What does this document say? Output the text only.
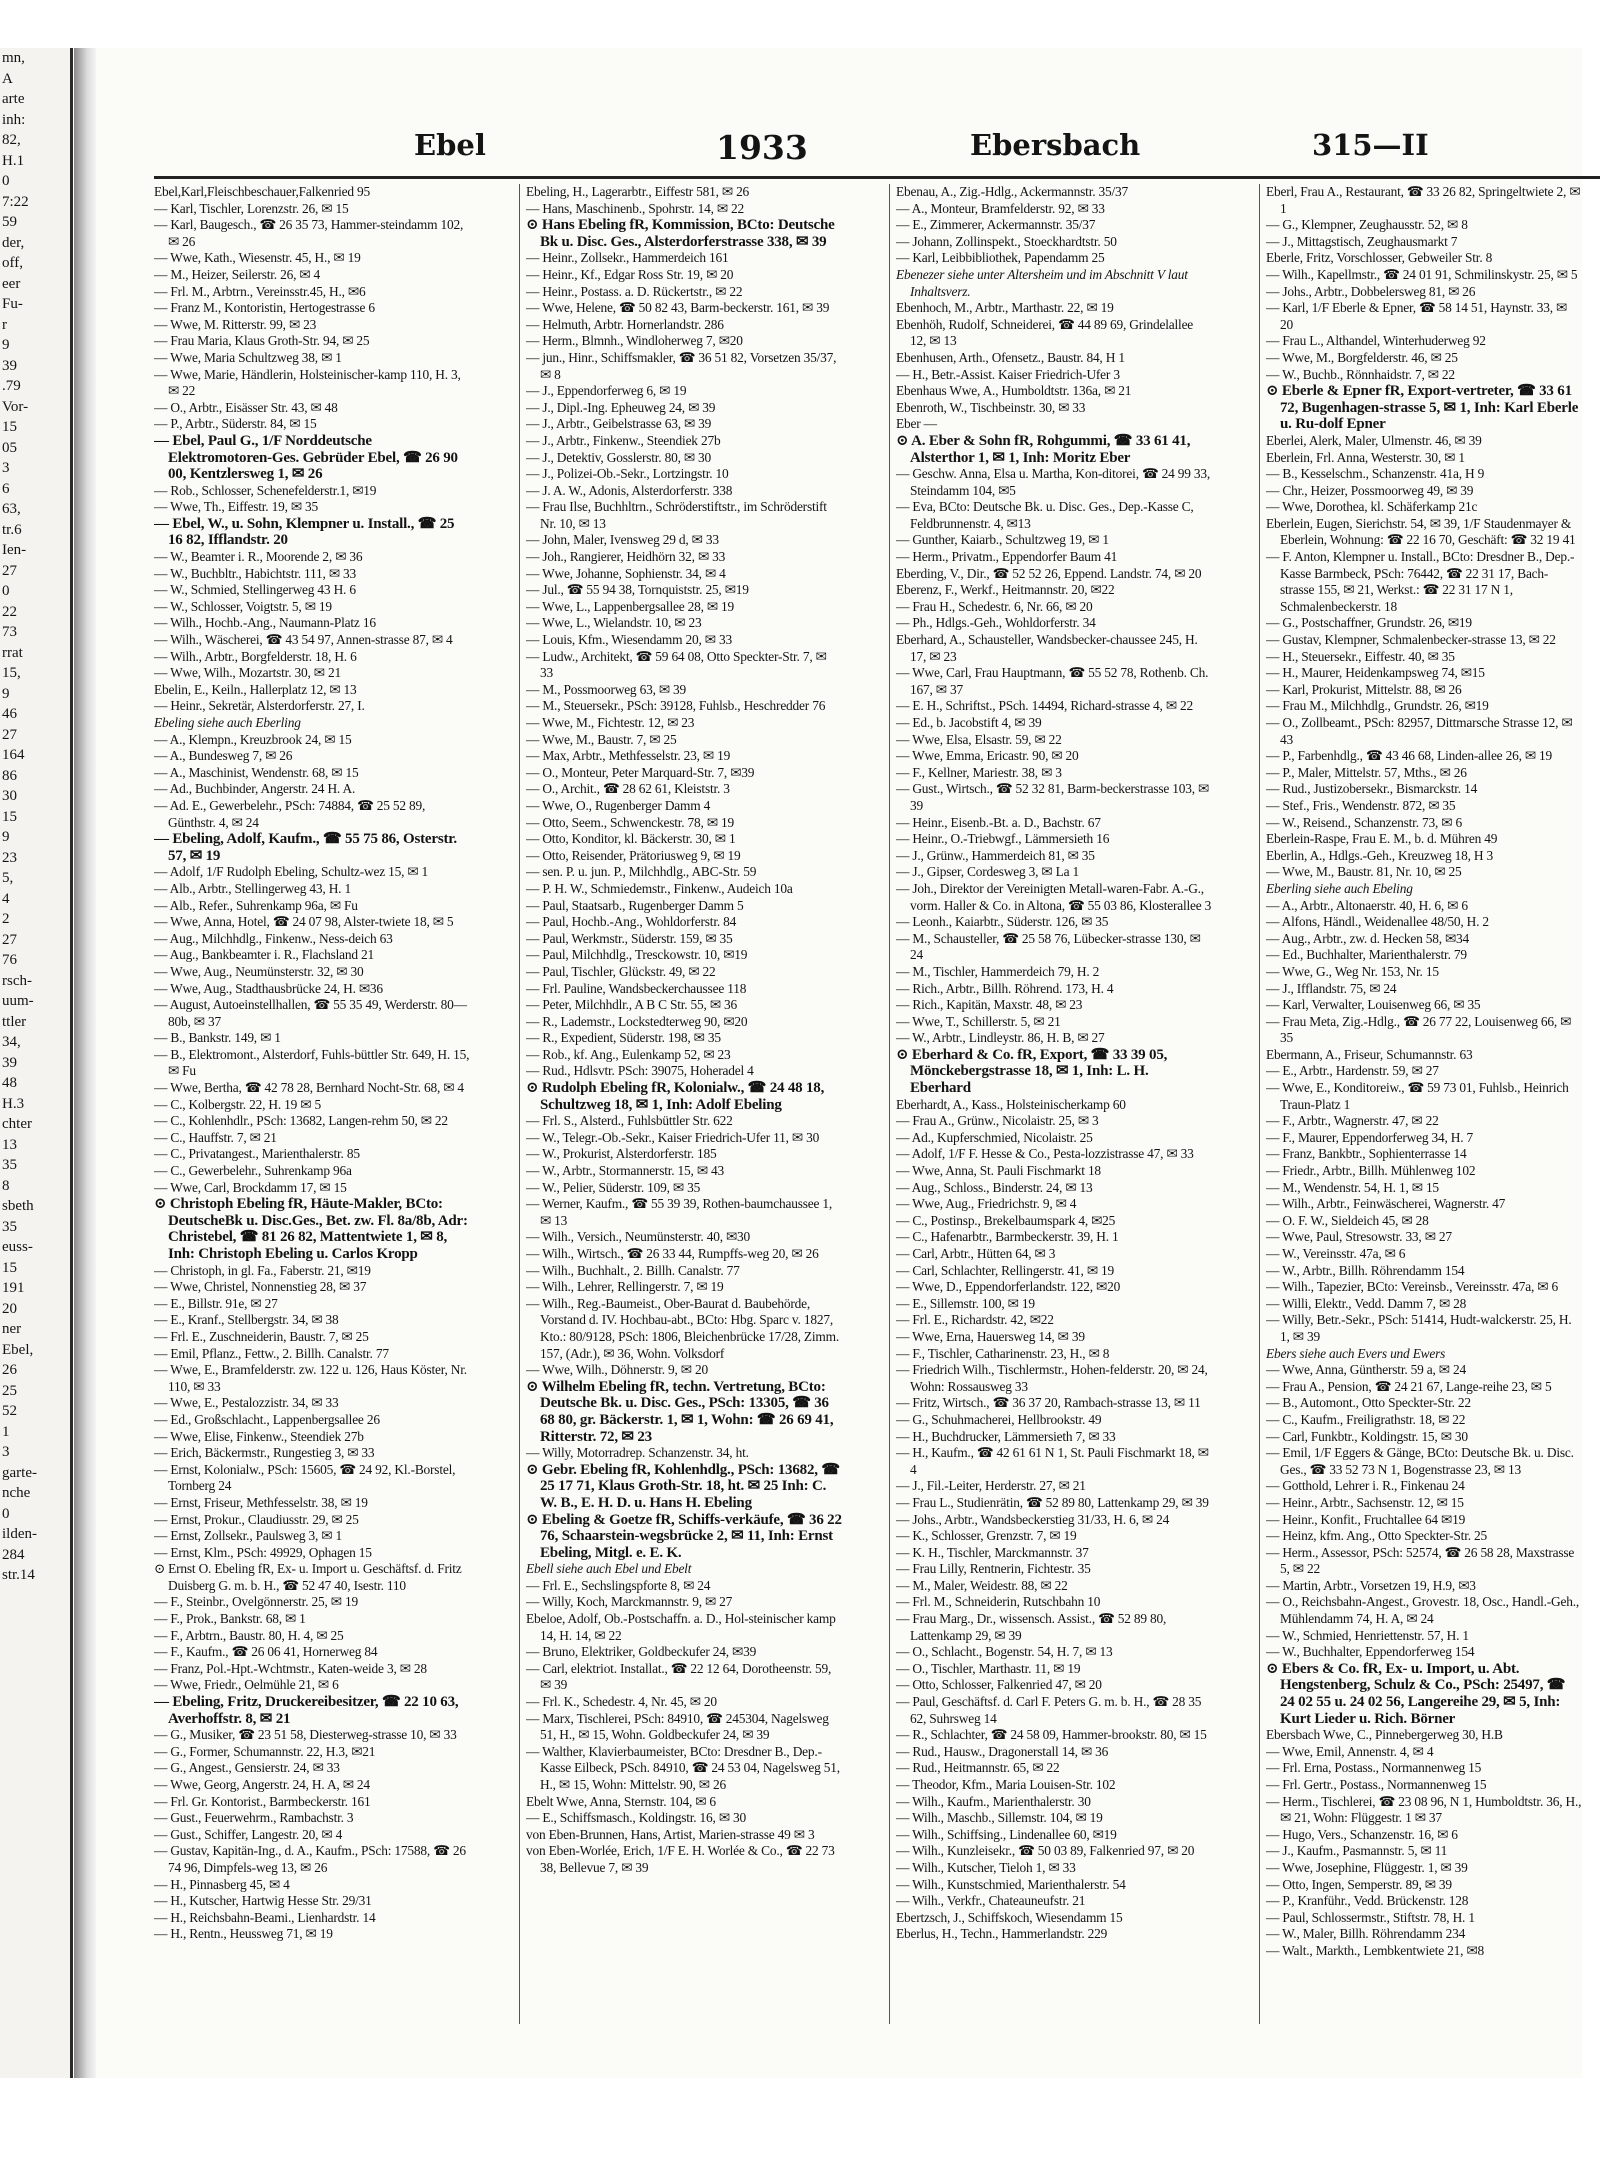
mn,
A
arte
inh:
82,
H.1
0
7:22
59
der,
off,
eer
Fu-
r
9
39
.79
Vor-
15
05
3
6
63,
tr.6
Ien-
27
0
22
73
rrat
15,
9
46
27
164
86
30
15
9
23
5,
4
2
27
76
rsch-
uum-
ttler
34,
39
48
H.3
chter
13
35
8
sbeth
35
euss-
15
191
20
ner
Ebel,
26
25
52
1
3
garte-
nche
0
ilden-
284
str.14
Ebel	1933	Ebersbach	315—II

Ebel,Karl,Fleischbeschauer,Falkenried 95

— Karl, Tischler, Lorenzstr. 26, ✉ 15

— Karl, Baugesch., ☎ 26 35 73, Hammer-steindamm 102, ✉ 26

— Wwe, Kath., Wiesenstr. 45, H., ✉ 19

— M., Heizer, Seilerstr. 26, ✉ 4

— Frl. M., Arbtrn., Vereinsstr.45, H., ✉6

— Franz M., Kontoristin, Hertogestrasse 6

— Wwe, M. Ritterstr. 99, ✉ 23

— Frau Maria, Klaus Groth-Str. 94, ✉ 25

— Wwe, Maria Schultzweg 38, ✉ 1

— Wwe, Marie, Händlerin, Holsteinischer-kamp 110, H. 3, ✉ 22

— O., Arbtr., Eisässer Str. 43, ✉ 48

— P., Arbtr., Süderstr. 84, ✉ 15

— Ebel, Paul G., 1/F Norddeutsche Elektromotoren-Ges. Gebrüder Ebel, ☎ 26 90 00, Kentzlersweg 1, ✉ 26

— Rob., Schlosser, Schenefelderstr.1, ✉19

— Wwe, Th., Eiffestr. 19, ✉ 35

— Ebel, W., u. Sohn, Klempner u. Install., ☎ 25 16 82, Ifflandstr. 20

— W., Beamter i. R., Moorende 2, ✉ 36

— W., Buchbltr., Habichtstr. 111, ✉ 33

— W., Schmied, Stellingerweg 43 H. 6

— W., Schlosser, Voigtstr. 5, ✉ 19

— Wilh., Hochb.-Ang., Naumann-Platz 16

— Wilh., Wäscherei, ☎ 43 54 97, Annen-strasse 87, ✉ 4

— Wilh., Arbtr., Borgfelderstr. 18, H. 6

— Wwe, Wilh., Mozartstr. 30, ✉ 21

Ebelin, E., Keiln., Hallerplatz 12, ✉ 13

— Heinr., Sekretär, Alsterdorferstr. 27, I.

Ebeling siehe auch Eberling

— A., Klempn., Kreuzbrook 24, ✉ 15

— A., Bundesweg 7, ✉ 26

— A., Maschinist, Wendenstr. 68, ✉ 15

— Ad., Buchbinder, Angerstr. 24 H. A.

— Ad. E., Gewerbelehr., PSch: 74884, ☎ 25 52 89, Günthstr. 4, ✉ 24

— Ebeling, Adolf, Kaufm., ☎ 55 75 86, Osterstr. 57, ✉ 19

— Adolf, 1/F Rudolph Ebeling, Schultz-wez 15, ✉ 1

— Alb., Arbtr., Stellingerweg 43, H. 1

— Alb., Refer., Suhrenkamp 96a, ✉ Fu

— Wwe, Anna, Hotel, ☎ 24 07 98, Alster-twiete 18, ✉ 5

— Aug., Milchhdlg., Finkenw., Ness-deich 63

— Aug., Bankbeamter i. R., Flachsland 21

— Wwe, Aug., Neumünsterstr. 32, ✉ 30

— Wwe, Aug., Stadthausbrücke 24, H. ✉36

— August, Autoeinstellhallen, ☎ 55 35 49, Werderstr. 80—80b, ✉ 37

— B., Bankstr. 149, ✉ 1

— B., Elektromont., Alsterdorf, Fuhls-büttler Str. 649, H. 15, ✉ Fu

— Wwe, Bertha, ☎ 42 78 28, Bernhard Nocht-Str. 68, ✉ 4

— C., Kolbergstr. 22, H. 19 ✉ 5

— C., Kohlenhdlr., PSch: 13682, Langen-rehm 50, ✉ 22

— C., Hauffstr. 7, ✉ 21

— C., Privatangest., Marienthalerstr. 85

— C., Gewerbelehr., Suhrenkamp 96a

— Wwe, Carl, Brockdamm 17, ✉ 15

⊙ Christoph Ebeling fR, Häute-Makler, BCto: DeutscheBk u. Disc.Ges., Bet. zw. Fl. 8a/8b, Adr: Christebel, ☎ 81 26 82, Mattentwiete 1, ✉ 8, Inh: Christoph Ebeling u. Carlos Kropp

— Christoph, in gl. Fa., Faberstr. 21, ✉19

— Wwe, Christel, Nonnenstieg 28, ✉ 37

— E., Billstr. 91e, ✉ 27

— E., Kranf., Stellbergstr. 34, ✉ 38

— Frl. E., Zuschneiderin, Baustr. 7, ✉ 25

— Emil, Pflanz., Fettw., 2. Billh. Canalstr. 77

— Wwe, E., Bramfelderstr. zw. 122 u. 126, Haus Köster, Nr. 110, ✉ 33

— Wwe, E., Pestalozzistr. 34, ✉ 33

— Ed., Großschlacht., Lappenbergsallee 26

— Wwe, Elise, Finkenw., Steendiek 27b

— Erich, Bäckermstr., Rungestieg 3, ✉ 33

— Ernst, Kolonialw., PSch: 15605, ☎ 24 92, Kl.-Borstel, Tornberg 24

— Ernst, Friseur, Methfesselstr. 38, ✉ 19

— Ernst, Prokur., Claudiusstr. 29, ✉ 25

— Ernst, Zollsekr., Paulsweg 3, ✉ 1

— Ernst, Klm., PSch: 49929, Ophagen 15

⊙ Ernst O. Ebeling fR, Ex- u. Import u. Geschäftsf. d. Fritz Duisberg G. m. b. H., ☎ 52 47 40, Isestr. 110

— F., Steinbr., Ovelgönnerstr. 25, ✉ 19

— F., Prok., Bankstr. 68, ✉ 1

— F., Arbtrn., Baustr. 80, H. 4, ✉ 25

— F., Kaufm., ☎ 26 06 41, Hornerweg 84

— Franz, Pol.-Hpt.-Wchtmstr., Katen-weide 3, ✉ 28

— Wwe, Friedr., Oelmühle 21, ✉ 6

— Ebeling, Fritz, Druckereibesitzer, ☎ 22 10 63, Averhoffstr. 8, ✉ 21

— G., Musiker, ☎ 23 51 58, Diesterweg-strasse 10, ✉ 33

— G., Former, Schumannstr. 22, H.3, ✉21

— G., Angest., Gensierstr. 24, ✉ 33

— Wwe, Georg, Angerstr. 24, H. A, ✉ 24

— Frl. Gr. Kontorist., Barmbeckerstr. 161

— Gust., Feuerwehrm., Rambachstr. 3

— Gust., Schiffer, Langestr. 20, ✉ 4

— Gustav, Kapitän-Ing., d. A., Kaufm., PSch: 17588, ☎ 26 74 96, Dimpfels-weg 13, ✉ 26

— H., Pinnasberg 45, ✉ 4

— H., Kutscher, Hartwig Hesse Str. 29/31

— H., Reichsbahn-Beami., Lienhardstr. 14

— H., Rentn., Heussweg 71, ✉ 19

Ebeling, H., Lagerarbtr., Eiffestr 581, ✉ 26

— Hans, Maschinenb., Spohrstr. 14, ✉ 22

⊙ Hans Ebeling fR, Kommission, BCto: Deutsche Bk u. Disc. Ges., Alsterdorferstrasse 338, ✉ 39

— Heinr., Zollsekr., Hammerdeich 161

— Heinr., Kf., Edgar Ross Str. 19, ✉ 20

— Heinr., Postass. a. D. Rückertstr., ✉ 22

— Wwe, Helene, ☎ 50 82 43, Barm-beckerstr. 161, ✉ 39

— Helmuth, Arbtr. Hornerlandstr. 286

— Herm., Blmnh., Windloherweg 7, ✉20

— jun., Hinr., Schiffsmakler, ☎ 36 51 82, Vorsetzen 35/37, ✉ 8

— J., Eppendorferweg 6, ✉ 19

— J., Dipl.-Ing. Epheuweg 24, ✉ 39

— J., Arbtr., Geibelstrasse 63, ✉ 39

— J., Arbtr., Finkenw., Steendiek 27b

— J., Detektiv, Gosslerstr. 80, ✉ 30

— J., Polizei-Ob.-Sekr., Lortzingstr. 10

— J. A. W., Adonis, Alsterdorferstr. 338

— Frau Ilse, Buchhltrn., Schröderstiftstr., im Schröderstift Nr. 10, ✉ 13

— John, Maler, Ivensweg 29 d, ✉ 33

— Joh., Rangierer, Heidhörn 32, ✉ 33

— Wwe, Johanne, Sophienstr. 34, ✉ 4

— Jul., ☎ 55 94 38, Tornquiststr. 25, ✉19

— Wwe, L., Lappenbergsallee 28, ✉ 19

— Wwe, L., Wielandstr. 10, ✉ 23

— Louis, Kfm., Wiesendamm 20, ✉ 33

— Ludw., Architekt, ☎ 59 64 08, Otto Speckter-Str. 7, ✉ 33

— M., Possmoorweg 63, ✉ 39

— M., Steuersekr., PSch: 39128, Fuhlsb., Heschredder 76

— Wwe, M., Fichtestr. 12, ✉ 23

— Wwe, M., Baustr. 7, ✉ 25

— Max, Arbtr., Methfesselstr. 23, ✉ 19

— O., Monteur, Peter Marquard-Str. 7, ✉39

— O., Archit., ☎ 28 62 61, Kleiststr. 3

— Wwe, O., Rugenberger Damm 4

— Otto, Seem., Schwenckestr. 78, ✉ 19

— Otto, Konditor, kl. Bäckerstr. 30, ✉ 1

— Otto, Reisender, Prätoriusweg 9, ✉ 19

— sen. P. u. jun. P., Milchhdlg., ABC-Str. 59

— P. H. W., Schmiedemstr., Finkenw., Audeich 10a

— Paul, Staatsarb., Rugenberger Damm 5

— Paul, Hochb.-Ang., Wohldorferstr. 84

— Paul, Werkmstr., Süderstr. 159, ✉ 35

— Paul, Milchhdlg., Tresckowstr. 10, ✉19

— Paul, Tischler, Glückstr. 49, ✉ 22

— Frl. Pauline, Wandsbeckerchaussee 118

— Peter, Milchhdlr., A B C Str. 55, ✉ 36

— R., Lademstr., Lockstedterweg 90, ✉20

— R., Expedient, Süderstr. 198, ✉ 35

— Rob., kf. Ang., Eulenkamp 52, ✉ 23

— Rud., Hdlsvtr. PSch: 39075, Hoheradel 4

⊙ Rudolph Ebeling fR, Kolonialw., ☎ 24 48 18, Schultzweg 18, ✉ 1, Inh: Adolf Ebeling

— Frl. S., Alsterd., Fuhlsbüttler Str. 622

— W., Telegr.-Ob.-Sekr., Kaiser Friedrich-Ufer 11, ✉ 30

— W., Prokurist, Alsterdorferstr. 185

— W., Arbtr., Stormannerstr. 15, ✉ 43

— W., Pelier, Süderstr. 109, ✉ 35

— Werner, Kaufm., ☎ 55 39 39, Rothen-baumchaussee 1, ✉ 13

— Wilh., Versich., Neumünsterstr. 40, ✉30

— Wilh., Wirtsch., ☎ 26 33 44, Rumpffs-weg 20, ✉ 26

— Wilh., Buchhalt., 2. Billh. Canalstr. 77

— Wilh., Lehrer, Rellingerstr. 7, ✉ 19

— Wilh., Reg.-Baumeist., Ober-Baurat d. Baubehörde, Vorstand d. IV. Hochbau-abt., BCto: Hbg. Sparc v. 1827, Kto.: 80/9128, PSch: 1806, Bleichenbrücke 17/28, Zimm. 157, (Adr.), ✉ 36, Wohn. Volksdorf

— Wwe, Wilh., Döhnerstr. 9, ✉ 20

⊙ Wilhelm Ebeling fR, techn. Vertretung, BCto: Deutsche Bk. u. Disc. Ges., PSch: 13305, ☎ 36 68 80, gr. Bäckerstr. 1, ✉ 1, Wohn: ☎ 26 69 41, Ritterstr. 72, ✉ 23

— Willy, Motorradrep. Schanzenstr. 34, ht.

⊙ Gebr. Ebeling fR, Kohlenhdlg., PSch: 13682, ☎ 25 17 71, Klaus Groth-Str. 18, ht. ✉ 25 Inh: C. W. B., E. H. D. u. Hans H. Ebeling

⊙ Ebeling & Goetze fR, Schiffs-verkäufe, ☎ 36 22 76, Schaarstein-wegsbrücke 2, ✉ 11, Inh: Ernst Ebeling, Mitgl. e. E. K.

Ebell siehe auch Ebel und Ebelt

— Frl. E., Sechslingspforte 8, ✉ 24

— Willy, Koch, Marckmannstr. 9, ✉ 27

Ebeloe, Adolf, Ob.-Postschaffn. a. D., Hol-steinischer kamp 14, H. 14, ✉ 22

— Bruno, Elektriker, Goldbeckufer 24, ✉39

— Carl, elektriot. Installat., ☎ 22 12 64, Dorotheenstr. 59, ✉ 39

— Frl. K., Schedestr. 4, Nr. 45, ✉ 20

— Marx, Tischlerei, PSch: 84910, ☎ 245304, Nagelsweg 51, H., ✉ 15, Wohn. Goldbeckufer 24, ✉ 39

— Walther, Klavierbaumeister, BCto: Dresdner B., Dep.-Kasse Eilbeck, PSch. 84910, ☎ 24 53 04, Nagelsweg 51, H., ✉ 15, Wohn: Mittelstr. 90, ✉ 26

Ebelt Wwe, Anna, Sternstr. 104, ✉ 6

— E., Schiffsmasch., Koldingstr. 16, ✉ 30

von Eben-Brunnen, Hans, Artist, Marien-strasse 49 ✉ 3

von Eben-Worlée, Erich, 1/F E. H. Worlée & Co., ☎ 22 73 38, Bellevue 7, ✉ 39

Ebenau, A., Zig.-Hdlg., Ackermannstr. 35/37

— A., Monteur, Bramfelderstr. 92, ✉ 33

— E., Zimmerer, Ackermannstr. 35/37

— Johann, Zollinspekt., Stoeckhardtstr. 50

— Karl, Leibbibliothek, Papendamm 25

Ebenezer siehe unter Altersheim und im Abschnitt V laut Inhaltsverz.

Ebenhoch, M., Arbtr., Marthastr. 22, ✉ 19

Ebenhöh, Rudolf, Schneiderei, ☎ 44 89 69, Grindelallee 12, ✉ 13

Ebenhusen, Arth., Ofensetz., Baustr. 84, H 1

— H., Betr.-Assist. Kaiser Friedrich-Ufer 3

Ebenhaus Wwe, A., Humboldtstr. 136a, ✉ 21

Ebenroth, W., Tischbeinstr. 30, ✉ 33

Eber —

⊙ A. Eber & Sohn fR, Rohgummi, ☎ 33 61 41, Alsterthor 1, ✉ 1, Inh: Moritz Eber

— Geschw. Anna, Elsa u. Martha, Kon-ditorei, ☎ 24 99 33, Steindamm 104, ✉5

— Eva, BCto: Deutsche Bk. u. Disc. Ges., Dep.-Kasse C, Feldbrunnenstr. 4, ✉13

— Gunther, Kaiarb., Schultzweg 19, ✉ 1

— Herm., Privatm., Eppendorfer Baum 41

Eberding, V., Dir., ☎ 52 52 26, Eppend. Landstr. 74, ✉ 20

Eberenz, F., Werkf., Heitmannstr. 20, ✉22

— Frau H., Schedestr. 6, Nr. 66, ✉ 20

— Ph., Hdlgs.-Geh., Wohldorferstr. 34

Eberhard, A., Schausteller, Wandsbecker-chaussee 245, H. 17, ✉ 23

— Wwe, Carl, Frau Hauptmann, ☎ 55 52 78, Rothenb. Ch. 167, ✉ 37

— E. H., Schriftst., PSch. 14494, Richard-strasse 4, ✉ 22

— Ed., b. Jacobstift 4, ✉ 39

— Wwe, Elsa, Elsastr. 59, ✉ 22

— Wwe, Emma, Ericastr. 90, ✉ 20

— F., Kellner, Mariestr. 38, ✉ 3

— Gust., Wirtsch., ☎ 52 32 81, Barm-beckerstrasse 103, ✉ 39

— Heinr., Eisenb.-Bt. a. D., Bachstr. 67

— Heinr., O.-Triebwgf., Lämmersieth 16

— J., Grünw., Hammerdeich 81, ✉ 35

— J., Gipser, Cordesweg 3, ✉ La 1

— Joh., Direktor der Vereinigten Metall-waren-Fabr. A.-G., vorm. Haller & Co. in Altona, ☎ 55 03 86, Klosterallee 3

— Leonh., Kaiarbtr., Süderstr. 126, ✉ 35

— M., Schausteller, ☎ 25 58 76, Lübecker-strasse 130, ✉ 24

— M., Tischler, Hammerdeich 79, H. 2

— Rich., Arbtr., Billh. Röhrend. 173, H. 4

— Rich., Kapitän, Maxstr. 48, ✉ 23

— Wwe, T., Schillerstr. 5, ✉ 21

— W., Arbtr., Lindleystr. 86, H. B, ✉ 27

⊙ Eberhard & Co. fR, Export, ☎ 33 39 05, Mönckebergstrasse 18, ✉ 1, Inh: L. H. Eberhard

Eberhardt, A., Kass., Holsteinischerkamp 60

— Frau A., Grünw., Nicolaistr. 25, ✉ 3

— Ad., Kupferschmied, Nicolaistr. 25

— Adolf, 1/F F. Hesse & Co., Pesta-lozzistrasse 47, ✉ 33

— Wwe, Anna, St. Pauli Fischmarkt 18

— Aug., Schloss., Binderstr. 24, ✉ 13

— Wwe, Aug., Friedrichstr. 9, ✉ 4

— C., Postinsp., Brekelbaumspark 4, ✉25

— C., Hafenarbtr., Barmbeckerstr. 39, H. 1

— Carl, Arbtr., Hütten 64, ✉ 3

— Carl, Schlachter, Rellingerstr. 41, ✉ 19

— Wwe, D., Eppendorferlandstr. 122, ✉20

— E., Sillemstr. 100, ✉ 19

— Frl. E., Richardstr. 42, ✉22

— Wwe, Erna, Hauersweg 14, ✉ 39

— F., Tischler, Catharinenstr. 23, H., ✉ 8

— Friedrich Wilh., Tischlermstr., Hohen-felderstr. 20, ✉ 24, Wohn: Rossausweg 33

— Fritz, Wirtsch., ☎ 36 37 20, Rambach-strasse 13, ✉ 11

— G., Schuhmacherei, Hellbrookstr. 49

— H., Buchdrucker, Lämmersieth 7, ✉ 33

— H., Kaufm., ☎ 42 61 61 N 1, St. Pauli Fischmarkt 18, ✉ 4

— J., Fil.-Leiter, Herderstr. 27, ✉ 21

— Frau L., Studienrätin, ☎ 52 89 80, Lattenkamp 29, ✉ 39

— Johs., Arbtr., Wandsbeckerstieg 31/33, H. 6, ✉ 24

— K., Schlosser, Grenzstr. 7, ✉ 19

— K. H., Tischler, Marckmannstr. 37

— Frau Lilly, Rentnerin, Fichtestr. 35

— M., Maler, Weidestr. 88, ✉ 22

— Frl. M., Schneiderin, Rutschbahn 10

— Frau Marg., Dr., wissensch. Assist., ☎ 52 89 80, Lattenkamp 29, ✉ 39

— O., Schlacht., Bogenstr. 54, H. 7, ✉ 13

— O., Tischler, Marthastr. 11, ✉ 19

— Otto, Schlosser, Falkenried 47, ✉ 20

— Paul, Geschäftsf. d. Carl F. Peters G. m. b. H., ☎ 28 35 62, Suhrsweg 14

— R., Schlachter, ☎ 24 58 09, Hammer-brookstr. 80, ✉ 15

— Rud., Hausw., Dragonerstall 14, ✉ 36

— Rud., Heitmannstr. 65, ✉ 22

— Theodor, Kfm., Maria Louisen-Str. 102

— Wilh., Kaufm., Marienthalerstr. 30

— Wilh., Maschb., Sillemstr. 104, ✉ 19

— Wilh., Schiffsing., Lindenallee 60, ✉19

— Wilh., Kunzleisekr., ☎ 50 03 89, Falkenried 97, ✉ 20

— Wilh., Kutscher, Tieloh 1, ✉ 33

— Wilh., Kunstschmied, Marienthalerstr. 54

— Wilh., Verkfr., Chateauneufstr. 21

Ebertzsch, J., Schiffskoch, Wiesendamm 15

Eberlus, H., Techn., Hammerlandstr. 229

Eberl, Frau A., Restaurant, ☎ 33 26 82, Springeltwiete 2, ✉ 1

— G., Klempner, Zeughausstr. 52, ✉ 8

— J., Mittagstisch, Zeughausmarkt 7

Eberle, Fritz, Vorschlosser, Gebweiler Str. 8

— Wilh., Kapellmstr., ☎ 24 01 91, Schmilinskystr. 25, ✉ 5

— Johs., Arbtr., Dobbelersweg 81, ✉ 26

— Karl, 1/F Eberle & Epner, ☎ 58 14 51, Haynstr. 33, ✉ 20

— Frau L., Althandel, Winterhuderweg 92

— Wwe, M., Borgfelderstr. 46, ✉ 25

— W., Buchb., Rönnhaidstr. 7, ✉ 22

⊙ Eberle & Epner fR, Export-vertreter, ☎ 33 61 72, Bugenhagen-strasse 5, ✉ 1, Inh: Karl Eberle u. Ru-dolf Epner

Eberlei, Alerk, Maler, Ulmenstr. 46, ✉ 39

Eberlein, Frl. Anna, Westerstr. 30, ✉ 1

— B., Kesselschm., Schanzenstr. 41a, H 9

— Chr., Heizer, Possmoorweg 49, ✉ 39

— Wwe, Dorothea, kl. Schäferkamp 21c

Eberlein, Eugen, Sierichstr. 54, ✉ 39, 1/F Staudenmayer & Eberlein, Wohnung: ☎ 22 16 70, Geschäft: ☎ 32 19 41

— F. Anton, Klempner u. Install., BCto: Dresdner B., Dep.-Kasse Barmbeck, PSch: 76442, ☎ 22 31 17, Bach-strasse 155, ✉ 21, Werkst.: ☎ 22 31 17 N 1, Schmalenbeckerstr. 18

— G., Postschaffner, Grundstr. 26, ✉19

— Gustav, Klempner, Schmalenbecker-strasse 13, ✉ 22

— H., Steuersekr., Eiffestr. 40, ✉ 35

— H., Maurer, Heidenkampsweg 74, ✉15

— Karl, Prokurist, Mittelstr. 88, ✉ 26

— Frau M., Milchhdlg., Grundstr. 26, ✉19

— O., Zollbeamt., PSch: 82957, Dittmarsche Strasse 12, ✉ 43

— P., Farbenhdlg., ☎ 43 46 68, Linden-allee 26, ✉ 19

— P., Maler, Mittelstr. 57, Mths., ✉ 26

— Rud., Justizobersekr., Bismarckstr. 14

— Stef., Fris., Wendenstr. 872, ✉ 35

— W., Reisend., Schanzenstr. 73, ✉ 6

Eberlein-Raspe, Frau E. M., b. d. Mühren 49

Eberlin, A., Hdlgs.-Geh., Kreuzweg 18, H 3

— Wwe, M., Baustr. 81, Nr. 10, ✉ 25

Eberling siehe auch Ebeling

— A., Arbtr., Altonaerstr. 40, H. 6, ✉ 6

— Alfons, Händl., Weidenallee 48/50, H. 2

— Aug., Arbtr., zw. d. Hecken 58, ✉34

— Ed., Buchhalter, Marienthalerstr. 79

— Wwe, G., Weg Nr. 153, Nr. 15

— J., Ifflandstr. 75, ✉ 24

— Karl, Verwalter, Louisenweg 66, ✉ 35

— Frau Meta, Zig.-Hdlg., ☎ 26 77 22, Louisenweg 66, ✉ 35

Ebermann, A., Friseur, Schumannstr. 63

— E., Arbtr., Hardenstr. 59, ✉ 27

— Wwe, E., Konditoreiw., ☎ 59 73 01, Fuhlsb., Heinrich Traun-Platz 1

— F., Arbtr., Wagnerstr. 47, ✉ 22

— F., Maurer, Eppendorferweg 34, H. 7

— Franz, Bankbtr., Sophienterrasse 14

— Friedr., Arbtr., Billh. Mühlenweg 102

— M., Wendenstr. 54, H. 1, ✉ 15

— Wilh., Arbtr., Feinwäscherei, Wagnerstr. 47

— O. F. W., Sieldeich 45, ✉ 28

— Wwe, Paul, Stresowstr. 33, ✉ 27

— W., Vereinsstr. 47a, ✉ 6

— W., Arbtr., Billh. Röhrendamm 154

— Wilh., Tapezier, BCto: Vereinsb., Vereinsstr. 47a, ✉ 6

— Willi, Elektr., Vedd. Damm 7, ✉ 28

— Willy, Betr.-Sekr., PSch: 51414, Hudt-walckerstr. 25, H. 1, ✉ 39

Ebers siehe auch Evers und Ewers

— Wwe, Anna, Güntherstr. 59 a, ✉ 24

— Frau A., Pension, ☎ 24 21 67, Lange-reihe 23, ✉ 5

— B., Automont., Otto Speckter-Str. 22

— C., Kaufm., Freiligrathstr. 18, ✉ 22

— Carl, Funkbtr., Koldingstr. 15, ✉ 30

— Emil, 1/F Eggers & Gänge, BCto: Deutsche Bk. u. Disc. Ges., ☎ 33 52 73 N 1, Bogenstrasse 23, ✉ 13

— Gotthold, Lehrer i. R., Finkenau 24

— Heinr., Arbtr., Sachsenstr. 12, ✉ 15

— Heinr., Konfit., Fruchtallee 64 ✉19

— Heinz, kfm. Ang., Otto Speckter-Str. 25

— Herm., Assessor, PSch: 52574, ☎ 26 58 28, Maxstrasse 5, ✉ 22

— Martin, Arbtr., Vorsetzen 19, H.9, ✉3

— O., Reichsbahn-Angest., Grovestr. 18, Osc., Handl.-Geh., Mühlendamm 74, H. A, ✉ 24

— W., Schmied, Henriettenstr. 57, H. 1

— W., Buchhalter, Eppendorferweg 154

⊙ Ebers & Co. fR, Ex- u. Import, u. Abt. Hengstenberg, Schulz & Co., PSch: 25497, ☎ 24 02 55 u. 24 02 56, Langereihe 29, ✉ 5, Inh: Kurt Lieder u. Rich. Börner

Ebersbach Wwe, C., Pinnebergerweg 30, H.B

— Wwe, Emil, Annenstr. 4, ✉ 4

— Frl. Erna, Postass., Normannenweg 15

— Frl. Gertr., Postass., Normannenweg 15

— Herm., Tischlerei, ☎ 23 08 96, N 1, Humboldtstr. 36, H., ✉ 21, Wohn: Flüggestr. 1 ✉ 37

— Hugo, Vers., Schanzenstr. 16, ✉ 6

— J., Kaufm., Pasmannstr. 5, ✉ 11

— Wwe, Josephine, Flüggestr. 1, ✉ 39

— Otto, Ingen, Semperstr. 89, ✉ 39

— P., Kranführ., Vedd. Brückenstr. 128

— Paul, Schlossermstr., Stiftstr. 78, H. 1

— W., Maler, Billh. Röhrendamm 234

— Walt., Markth., Lembkentwiete 21, ✉8
